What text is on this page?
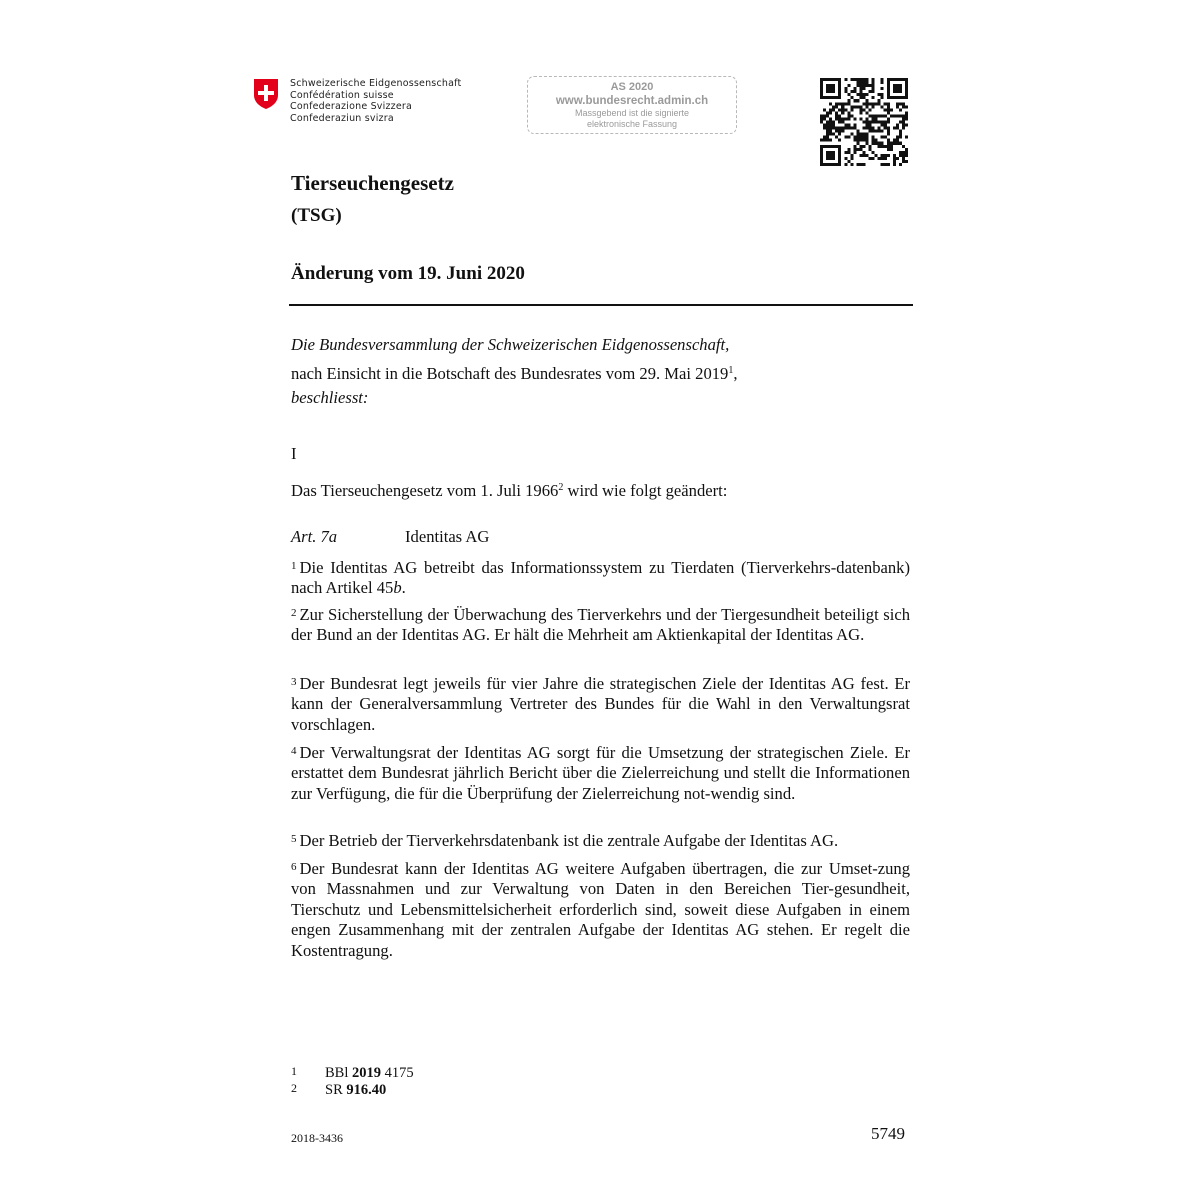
Schweizerische Eidgenossenschaft
Confédération suisse
Confederazione Svizzera
Confederaziun svizra
AS 2020
www.bundesrecht.admin.ch
Massgebend ist die signierte
elektronische Fassung
Tierseuchengesetz
(TSG)
Änderung vom 19. Juni 2020
Die Bundesversammlung der Schweizerischen Eidgenossenschaft,
nach Einsicht in die Botschaft des Bundesrates vom 29. Mai 2019$^1$,
beschliesst:
I
Das Tierseuchengesetz vom 1. Juli 1966$^2$ wird wie folgt geändert:
Art. 7a	Identitas AG
$^1$ Die Identitas AG betreibt das Informationssystem zu Tierdaten (Tierverkehrs-datenbank) nach Artikel 45b.
$^2$ Zur Sicherstellung der Überwachung des Tierverkehrs und der Tiergesundheit beteiligt sich der Bund an der Identitas AG. Er hält die Mehrheit am Aktienkapital der Identitas AG.
$^3$ Der Bundesrat legt jeweils für vier Jahre die strategischen Ziele der Identitas AG fest. Er kann der Generalversammlung Vertreter des Bundes für die Wahl in den Verwaltungsrat vorschlagen.
$^4$ Der Verwaltungsrat der Identitas AG sorgt für die Umsetzung der strategischen Ziele. Er erstattet dem Bundesrat jährlich Bericht über die Zielerreichung und stellt die Informationen zur Verfügung, die für die Überprüfung der Zielerreichung not-wendig sind.
$^5$ Der Betrieb der Tierverkehrsdatenbank ist die zentrale Aufgabe der Identitas AG.
$^6$ Der Bundesrat kann der Identitas AG weitere Aufgaben übertragen, die zur Umset-zung von Massnahmen und zur Verwaltung von Daten in den Bereichen Tier-gesundheit, Tierschutz und Lebensmittelsicherheit erforderlich sind, soweit diese Aufgaben in einem engen Zusammenhang mit der zentralen Aufgabe der Identitas AG stehen. Er regelt die Kostentragung.
1 BBl 2019 4175
2 SR 916.40
2018-3436	5749
